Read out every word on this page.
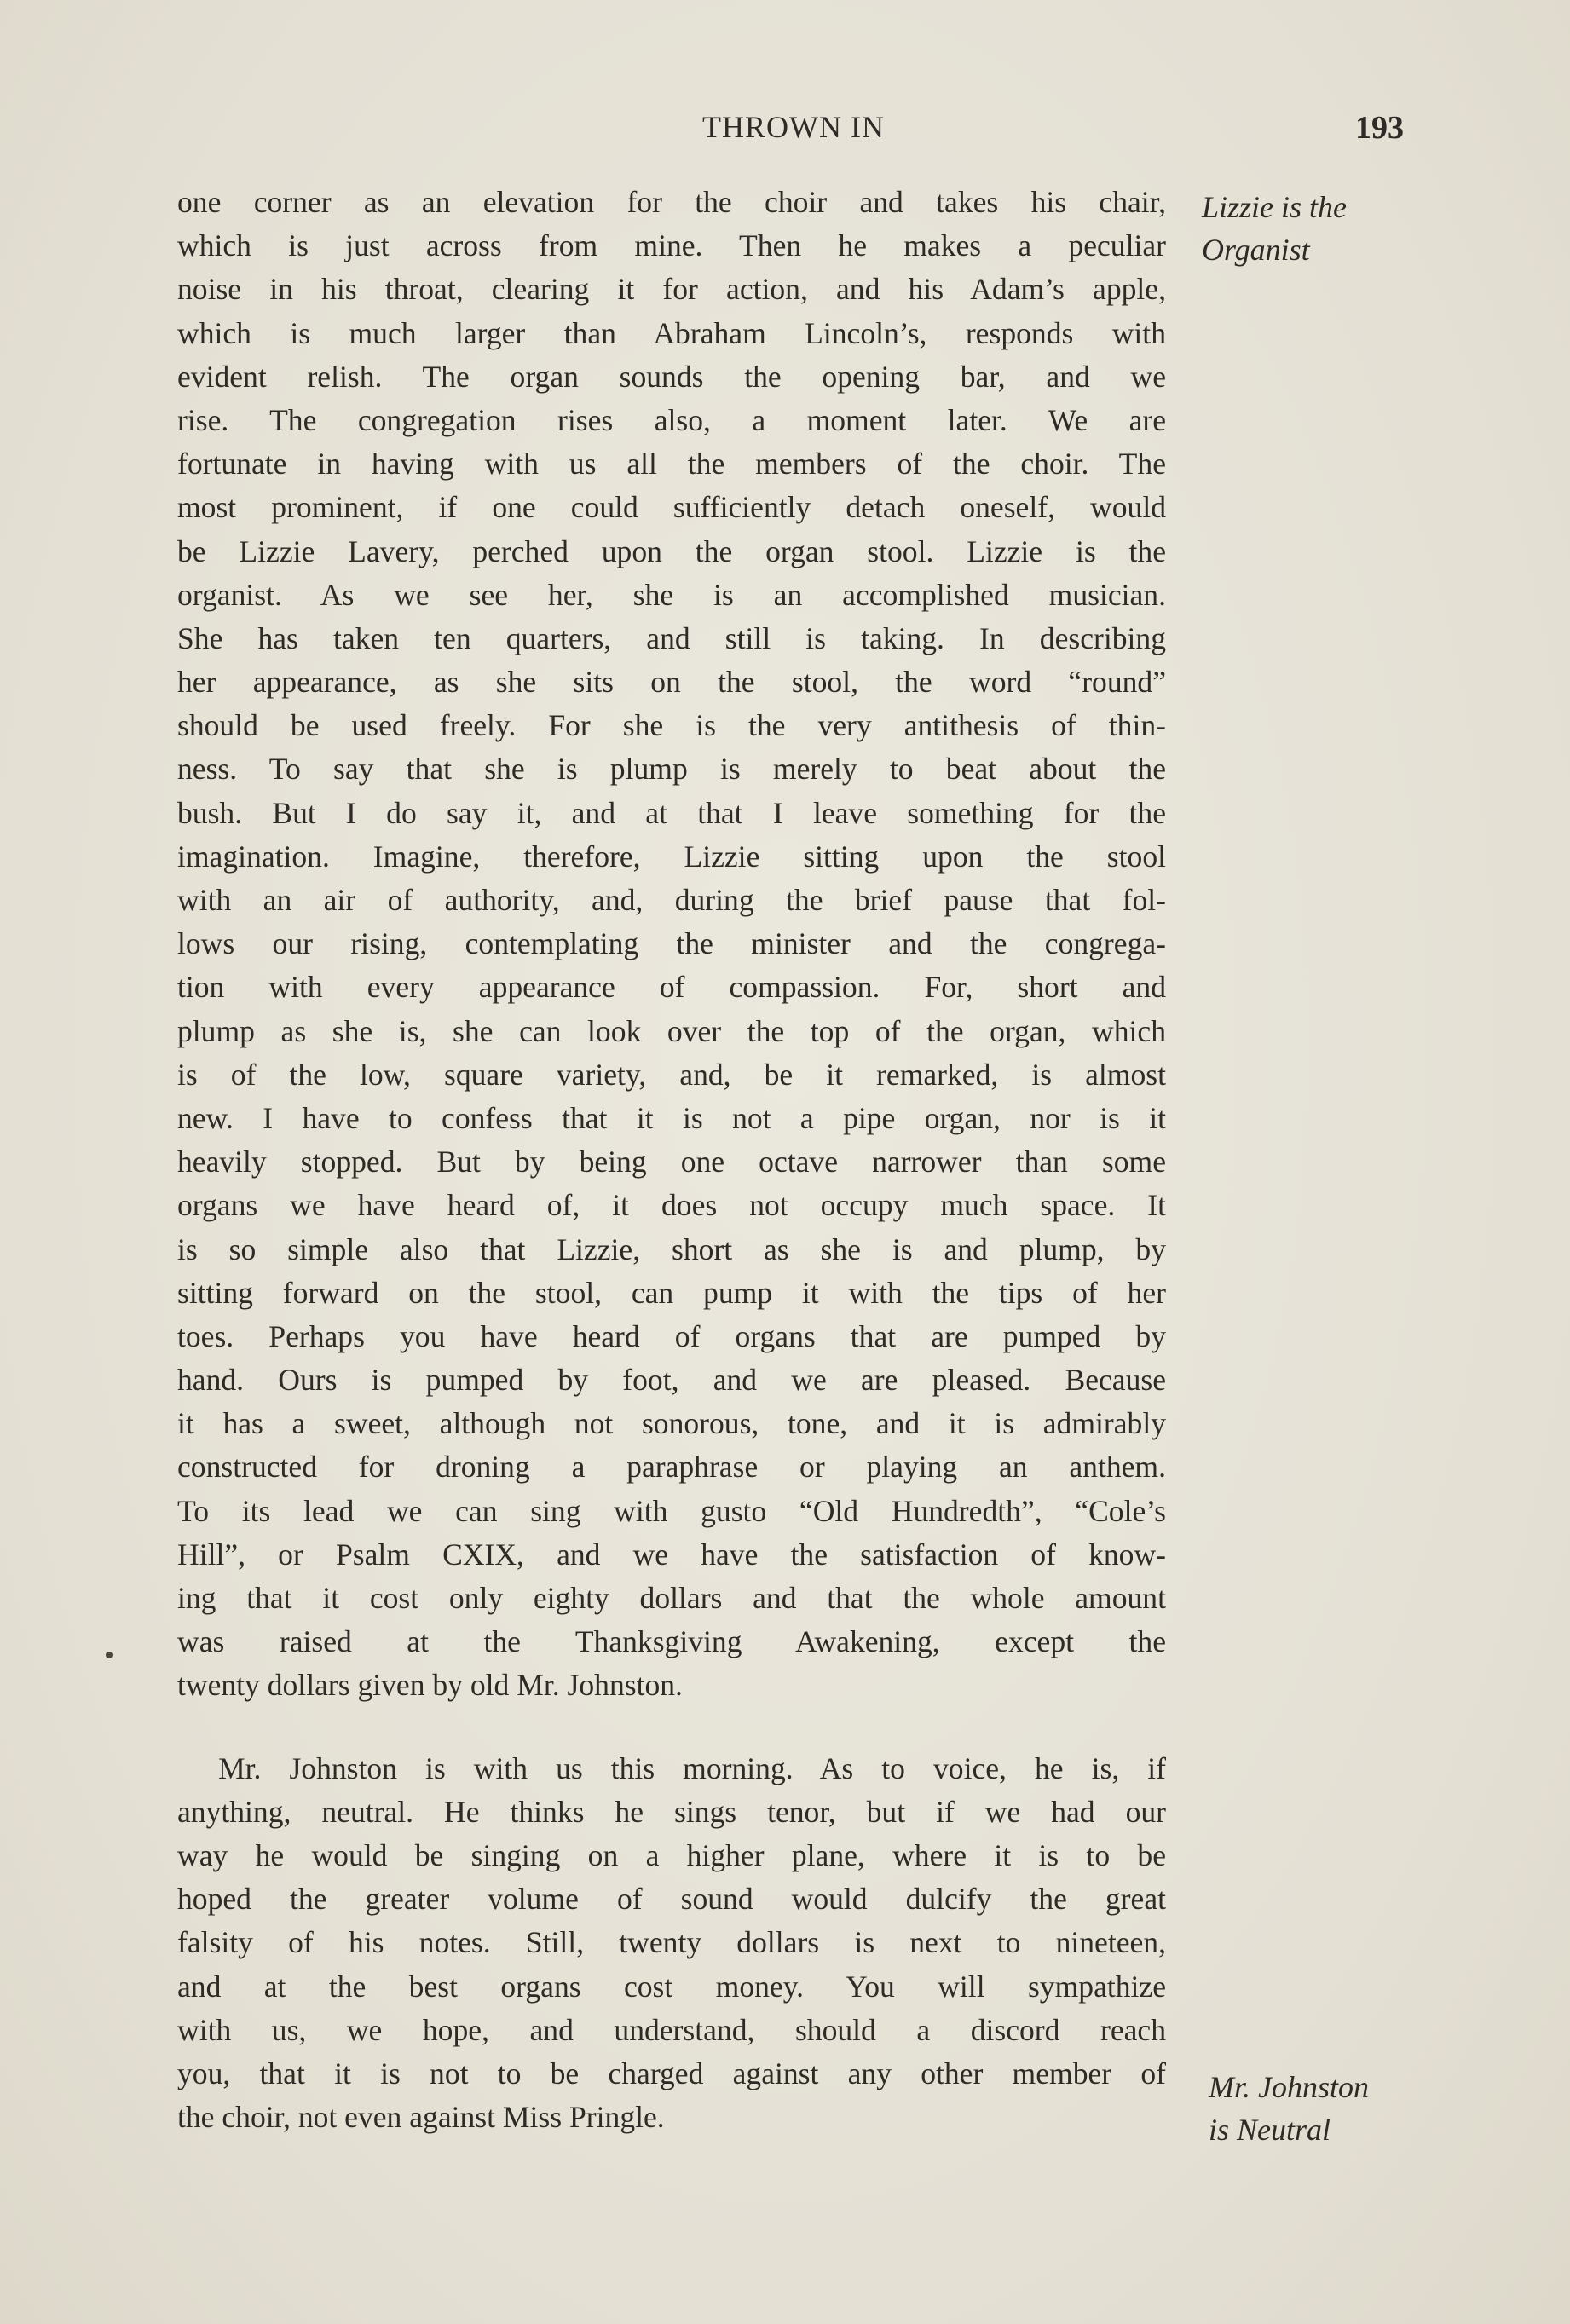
THROWN IN	193
Lizzie is the
Organist
Mr. Johnston
is Neutral

one corner as an elevation for the choir and takes his chair,
which is just across from mine. Then he makes a peculiar
noise in his throat, clearing it for action, and his Adam’s apple,
which is much larger than Abraham Lincoln’s, responds with
evident relish. The organ sounds the opening bar, and we
rise. The congregation rises also, a moment later. We are
fortunate in having with us all the members of the choir. The
most prominent, if one could sufficiently detach oneself, would
be Lizzie Lavery, perched upon the organ stool. Lizzie is the
organist. As we see her, she is an accomplished musician.
She has taken ten quarters, and still is taking. In describing
her appearance, as she sits on the stool, the word “round”
should be used freely. For she is the very antithesis of thin-
ness. To say that she is plump is merely to beat about the
bush. But I do say it, and at that I leave something for the
imagination. Imagine, therefore, Lizzie sitting upon the stool
with an air of authority, and, during the brief pause that fol-
lows our rising, contemplating the minister and the congrega-
tion with every appearance of compassion. For, short and
plump as she is, she can look over the top of the organ, which
is of the low, square variety, and, be it remarked, is almost
new. I have to confess that it is not a pipe organ, nor is it
heavily stopped. But by being one octave narrower than some
organs we have heard of, it does not occupy much space. It
is so simple also that Lizzie, short as she is and plump, by
sitting forward on the stool, can pump it with the tips of her
toes. Perhaps you have heard of organs that are pumped by
hand. Ours is pumped by foot, and we are pleased. Because
it has a sweet, although not sonorous, tone, and it is admirably
constructed for droning a paraphrase or playing an anthem.
To its lead we can sing with gusto “Old Hundredth”, “Cole’s
Hill”, or Psalm CXIX, and we have the satisfaction of know-
ing that it cost only eighty dollars and that the whole amount
was raised at the Thanksgiving Awakening, except the
twenty dollars given by old Mr. Johnston.

Mr. Johnston is with us this morning. As to voice, he is, if
anything, neutral. He thinks he sings tenor, but if we had our
way he would be singing on a higher plane, where it is to be
hoped the greater volume of sound would dulcify the great
falsity of his notes. Still, twenty dollars is next to nineteen,
and at the best organs cost money. You will sympathize
with us, we hope, and understand, should a discord reach
you, that it is not to be charged against any other member of
the choir, not even against Miss Pringle.
